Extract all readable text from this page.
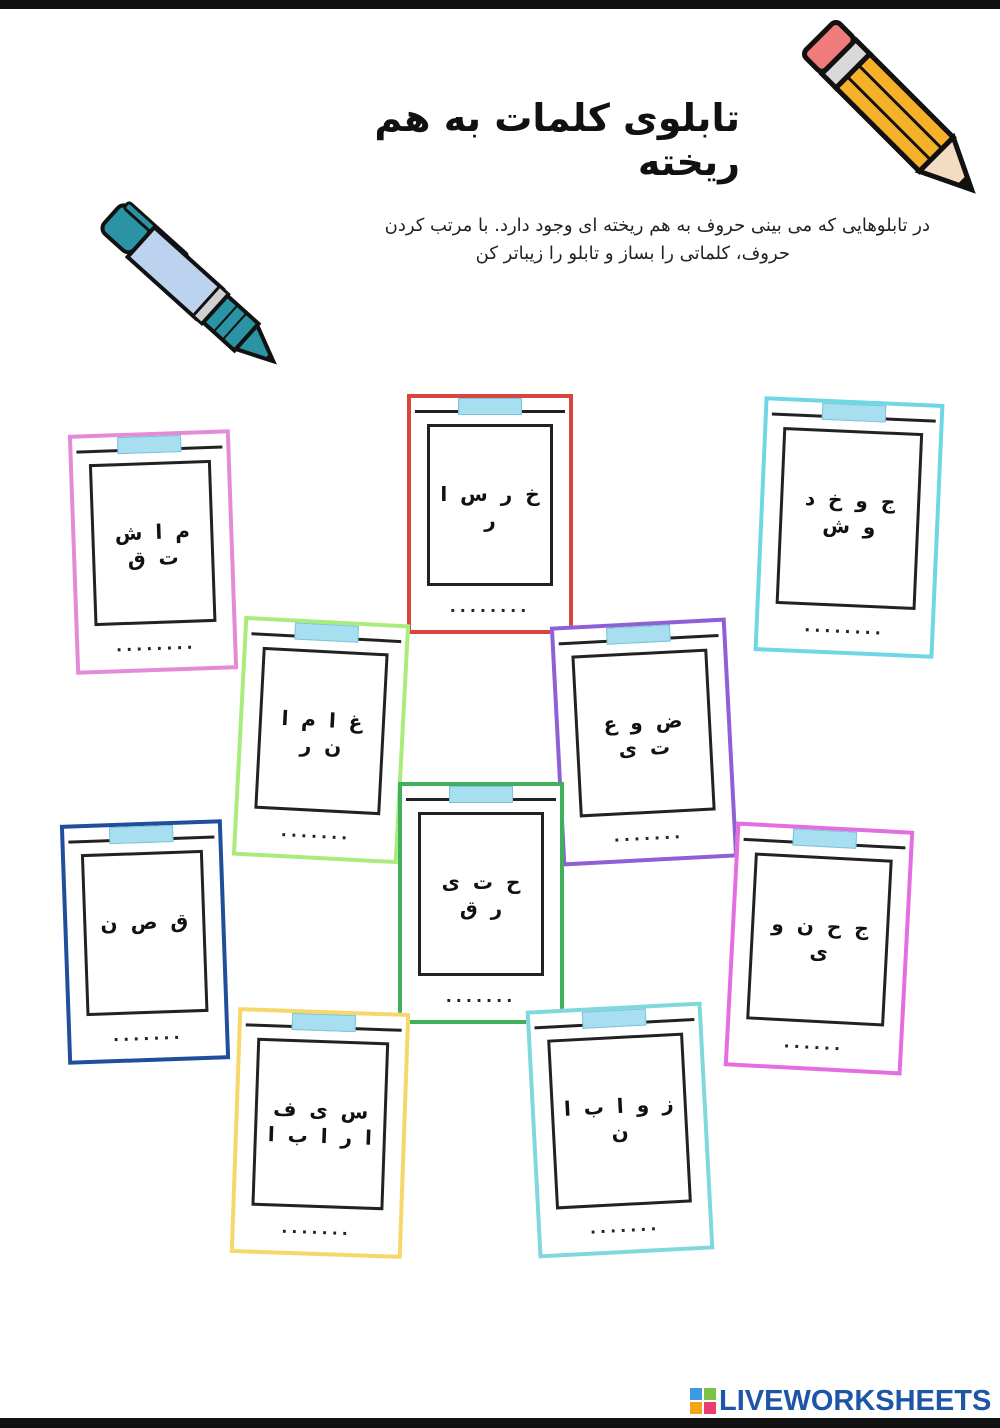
تابلوی کلمات به هم ریخته
در تابلوهایی که می بینی حروف به هم ریخته ای وجود دارد. با مرتب کردن
حروف، کلماتی را بساز و تابلو را زیباتر کن
خ ر س ا ر
........
ج و خ د و ش
........
م ا ش ت ق
........
غ ا م ا ن ر
.......
ض و ع ت ی
.......
ق ص ن
.......
ح ت ی ر ق
.......
ج ح ن و ی
......
س ی ف ا ر ا ب ا
.......
ز و ا ب ا ن
.......
LIVEWORKSHEETS
